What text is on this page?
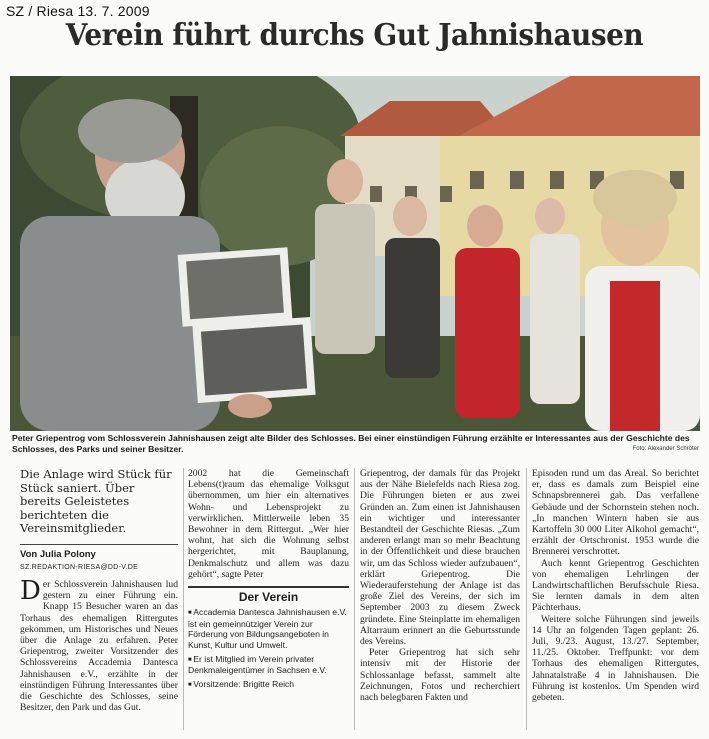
SZ / Riesa 13. 7. 2009
Verein führt durchs Gut Jahnishausen
Peter Griepentrog vom Schlossverein Jahnishausen zeigt alte Bilder des Schlosses. Bei einer einstündigen Führung erzählte er Interessantes aus der Geschichte des Schlosses, des Parks und seiner Besitzer.	Foto: Alexander Schröter
Die Anlage wird Stück für Stück saniert. Über bereits Geleistetes berichteten die Vereinsmitglieder.
Von Julia Polony
SZ.REDAKTION-RIESA@DD-V.DE

Der Schlossverein Jahnishausen lud gestern zu einer Führung ein. Knapp 15 Besucher waren an das Torhaus des ehemaligen Rittergutes gekommen, um Historisches und Neues über die Anlage zu erfahren. Peter Griepentrog, zweiter Vorsitzender des Schlossvereins Accademia Dantesca Jahnishausen e.V., erzählte in der einstündigen Führung Interessantes über die Geschichte des Schlosses, seine Besitzer, den Park und das Gut.

2002 hat die Gemeinschaft Lebens(t)raum das ehemalige Volksgut übernommen, um hier ein alternatives Wohn- und Lebensprojekt zu verwirklichen. Mittlerweile leben 35 Bewohner in dem Rittergut. „Wer hier wohnt, hat sich die Wohnung selbst hergerichtet, mit Bauplanung, Denkmalschutz und allem was dazu gehört“, sagte Peter

Der Verein
■ Accademia Dantesca Jahnishausen e.V. ist ein gemeinnütziger Verein zur Förderung von Bildungsangeboten in Kunst, Kultur und Umwelt.
■ Er ist Mitglied im Verein privater Denkmaleigentümer in Sachsen e.V.
■ Vorsitzende: Brigitte Reich

Griepentrog, der damals für das Projekt aus der Nähe Bielefelds nach Riesa zog. Die Führungen bieten er aus zwei Gründen an. Zum einen ist Jahnishausen ein wichtiger und interessanter Bestandteil der Geschichte Riesas. „Zum anderen erlangt man so mehr Beachtung in der Öffentlichkeit und diese brauchen wir, um das Schloss wieder aufzubauen“, erklärt Griepentrog. Die Wiederauferstehung der Anlage ist das große Ziel des Vereins, der sich im September 2003 zu diesem Zweck gründete. Eine Steinplatte im ehemaligen Altarraum erinnert an die Geburtsstunde des Vereins.

Peter Griepentrog hat sich sehr intensiv mit der Historie der Schlossanlage befasst, sammelt alte Zeichnungen, Fotos und recherchiert nach belegbaren Fakten und

Episoden rund um das Areal. So berichtet er, dass es damals zum Beispiel eine Schnapsbrennerei gab. Das verfallene Gebäude und der Schornstein stehen noch. „In manchen Wintern haben sie aus Kartoffeln 30 000 Liter Alkohol gemacht“, erzählt der Ortschronist. 1953 wurde die Brennerei verschrottet.

Auch kennt Griepentrog Geschichten von ehemaligen Lehrlingen der Landwirtschaftlichen Berufsschule Riesa. Sie lernten damals in dem alten Pächterhaus.

Weitere solche Führungen sind jeweils 14 Uhr an folgenden Tagen geplant: 26. Juli, 9./23. August, 13./27. September, 11./25. Oktober. Treffpunkt: vor dem Torhaus des ehemaligen Rittergutes, Jahnatalstraße 4 in Jahnishausen. Die Führung ist kostenlos. Um Spenden wird gebeten.
